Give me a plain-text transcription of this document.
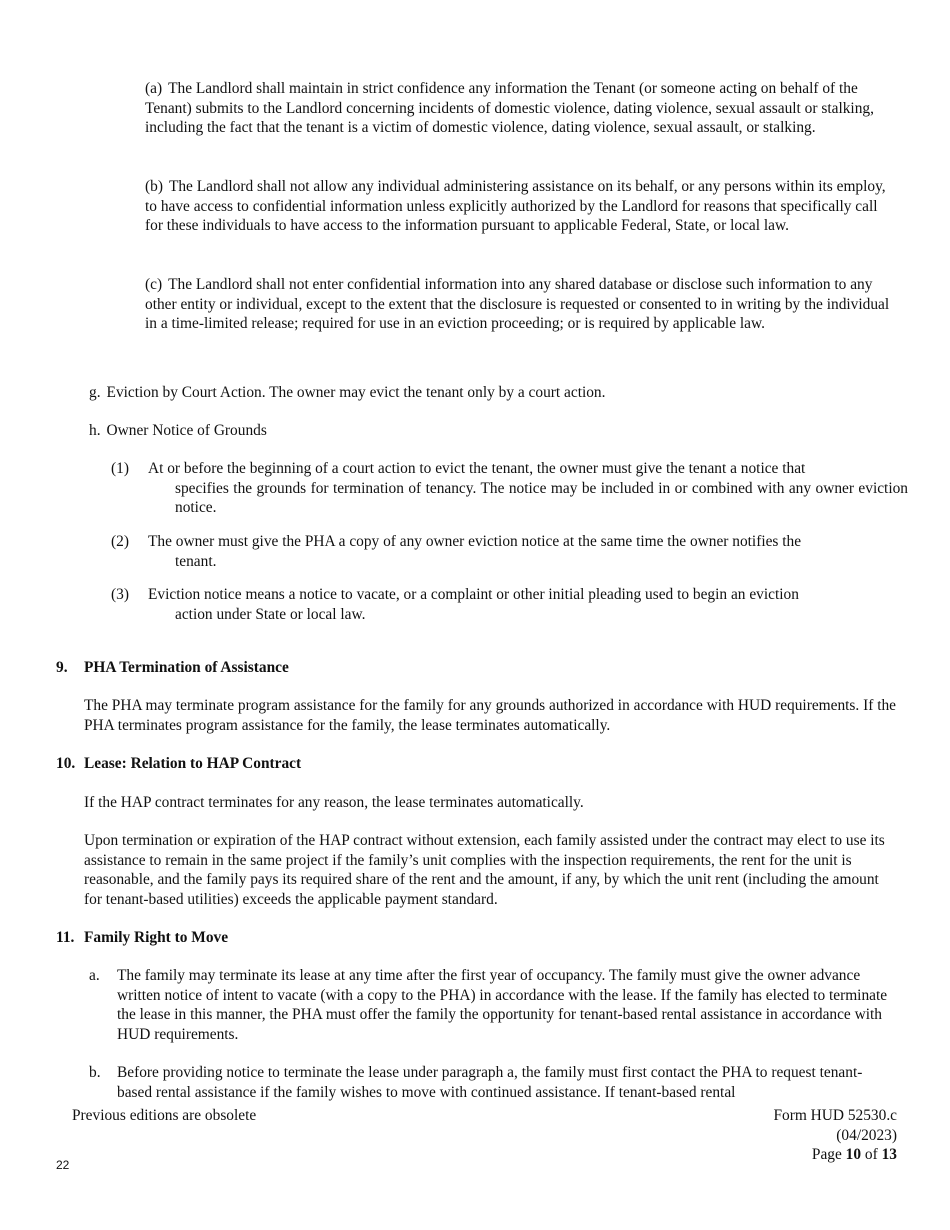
(a) The Landlord shall maintain in strict confidence any information the Tenant (or someone acting on behalf of the Tenant) submits to the Landlord concerning incidents of domestic violence, dating violence, sexual assault or stalking, including the fact that the tenant is a victim of domestic violence, dating violence, sexual assault, or stalking.

(b) The Landlord shall not allow any individual administering assistance on its behalf, or any persons within its employ, to have access to confidential information unless explicitly authorized by the Landlord for reasons that specifically call for these individuals to have access to the information pursuant to applicable Federal, State, or local law.

(c) The Landlord shall not enter confidential information into any shared database or disclose such information to any other entity or individual, except to the extent that the disclosure is requested or consented to in writing by the individual in a time-limited release; required for use in an eviction proceeding; or is required by applicable law.

g. Eviction by Court Action. The owner may evict the tenant only by a court action.

h. Owner Notice of Grounds

(1) At or before the beginning of a court action to evict the tenant, the owner must give the tenant a notice that
specifies the grounds for termination of tenancy. The notice may be included in or combined with any owner eviction notice.
(2) The owner must give the PHA a copy of any owner eviction notice at the same time the owner notifies the
tenant.
(3) Eviction notice means a notice to vacate, or a complaint or other initial pleading used to begin an eviction
action under State or local law.

9. PHA Termination of Assistance

The PHA may terminate program assistance for the family for any grounds authorized in accordance with HUD requirements. If the PHA terminates program assistance for the family, the lease terminates automatically.

10. Lease: Relation to HAP Contract

If the HAP contract terminates for any reason, the lease terminates automatically.

Upon termination or expiration of the HAP contract without extension, each family assisted under the contract may elect to use its assistance to remain in the same project if the family’s unit complies with the inspection requirements, the rent for the unit is reasonable, and the family pays its required share of the rent and the amount, if any, by which the unit rent (including the amount for tenant-based utilities) exceeds the applicable payment standard.

11. Family Right to Move

a. The family may terminate its lease at any time after the first year of occupancy. The family must give the owner advance written notice of intent to vacate (with a copy to the PHA) in accordance with the lease. If the family has elected to terminate the lease in this manner, the PHA must offer the family the opportunity for tenant-based rental assistance in accordance with HUD requirements.
b. Before providing notice to terminate the lease under paragraph a, the family must first contact the PHA to request tenant-based rental assistance if the family wishes to move with continued assistance. If tenant-based rental

Previous editions are obsolete	Form HUD 52530.c
(04/2023)
Page 10 of 13

22
